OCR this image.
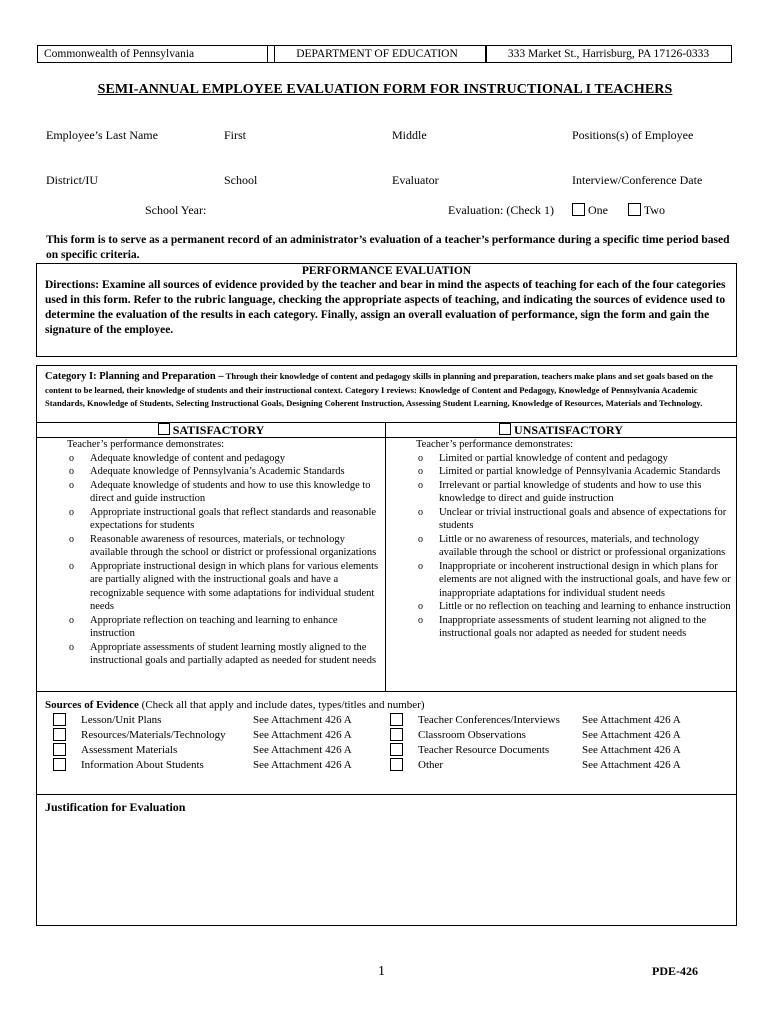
Commonwealth of Pennsylvania	DEPARTMENT OF EDUCATION	333 Market St., Harrisburg, PA 17126-0333
SEMI-ANNUAL EMPLOYEE EVALUATION FORM FOR INSTRUCTIONAL I TEACHERS
Employee’s Last Name	First	Middle	Positions(s) of Employee
District/IU	School	Evaluator	Interview/Conference Date
School Year:	Evaluation: (Check 1)	One	Two
This form is to serve as a permanent record of an administrator’s evaluation of a teacher’s performance during a specific time period based on specific criteria.
PERFORMANCE EVALUATION
Directions: Examine all sources of evidence provided by the teacher and bear in mind the aspects of teaching for each of the four categories used in this form. Refer to the rubric language, checking the appropriate aspects of teaching, and indicating the sources of evidence used to determine the evaluation of the results in each category. Finally, assign an overall evaluation of performance, sign the form and gain the signature of the employee.
Category I: Planning and Preparation – Through their knowledge of content and pedagogy skills in planning and preparation, teachers make plans and set goals based on the content to be learned, their knowledge of students and their instructional context. Category I reviews: Knowledge of Content and Pedagogy, Knowledge of Pennsylvania Academic Standards, Knowledge of Students, Selecting Instructional Goals, Designing Coherent Instruction, Assessing Student Learning, Knowledge of Resources, Materials and Technology.
SATISFACTORY
Teacher’s performance demonstrates:
o Adequate knowledge of content and pedagogy
o Adequate knowledge of Pennsylvania’s Academic Standards
o Adequate knowledge of students and how to use this knowledge to direct and guide instruction
o Appropriate instructional goals that reflect standards and reasonable expectations for students
o Reasonable awareness of resources, materials, or technology available through the school or district or professional organizations
o Appropriate instructional design in which plans for various elements are partially aligned with the instructional goals and have a recognizable sequence with some adaptations for individual student needs
o Appropriate reflection on teaching and learning to enhance instruction
o Appropriate assessments of student learning mostly aligned to the instructional goals and partially adapted as needed for student needs
UNSATISFACTORY
Teacher’s performance demonstrates:
o Limited or partial knowledge of content and pedagogy
o Limited or partial knowledge of Pennsylvania Academic Standards
o Irrelevant or partial knowledge of students and how to use this knowledge to direct and guide instruction
o Unclear or trivial instructional goals and absence of expectations for students
o Little or no awareness of resources, materials, and technology available through the school or district or professional organizations
o Inappropriate or incoherent instructional design in which plans for elements are not aligned with the instructional goals, and have few or inappropriate adaptations for individual student needs
o Little or no reflection on teaching and learning to enhance instruction
o Inappropriate assessments of student learning not aligned to the instructional goals nor adapted as needed for student needs
Sources of Evidence (Check all that apply and include dates, types/titles and number)
Lesson/Unit Plans	See Attachment 426 A
Resources/Materials/Technology See Attachment 426 A
Assessment Materials	See Attachment 426 A
Information About Students	See Attachment 426 A
Teacher Conferences/Interviews See Attachment 426 A
Classroom Observations	See Attachment 426 A
Teacher Resource Documents	See Attachment 426 A
Other	See Attachment 426 A
Justification for Evaluation
1	PDE-426
